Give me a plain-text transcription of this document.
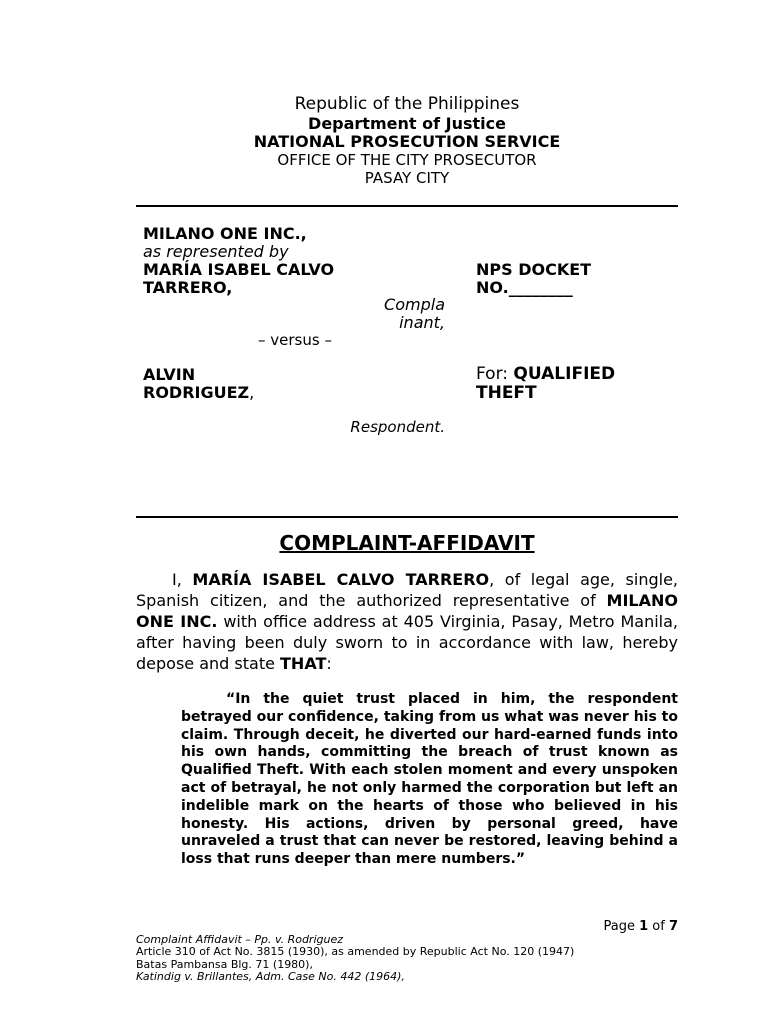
Republic of the Philippines
Department of Justice
NATIONAL PROSECUTION SERVICE
OFFICE OF THE CITY PROSECUTOR
PASAY CITY
MILANO ONE INC.,
as represented by
MARÍA ISABEL CALVO
TARRERO,
Compla
inant,
– versus –
ALVIN
RODRIGUEZ,
Respondent.
NPS DOCKET
NO.________
For: QUALIFIED
THEFT
COMPLAINT-AFFIDAVIT
I, MARÍA ISABEL CALVO TARRERO, of legal age, single, Spanish citizen, and the authorized representative of MILANO ONE INC. with office address at 405 Virginia, Pasay, Metro Manila, after having been duly sworn to in accordance with law, hereby depose and state THAT:
“In the quiet trust placed in him, the respondent betrayed our confidence, taking from us what was never his to claim. Through deceit, he diverted our hard-earned funds into his own hands, committing the breach of trust known as Qualified Theft. With each stolen moment and every unspoken act of betrayal, he not only harmed the corporation but left an indelible mark on the hearts of those who believed in his honesty. His actions, driven by personal greed, have unraveled a trust that can never be restored, leaving behind a loss that runs deeper than mere numbers.”
Page 1 of 7
Complaint Affidavit – Pp. v. Rodriguez
Article 310 of Act No. 3815 (1930), as amended by Republic Act No. 120 (1947)
Batas Pambansa Blg. 71 (1980),
Katindig v. Brillantes, Adm. Case No. 442 (1964),
